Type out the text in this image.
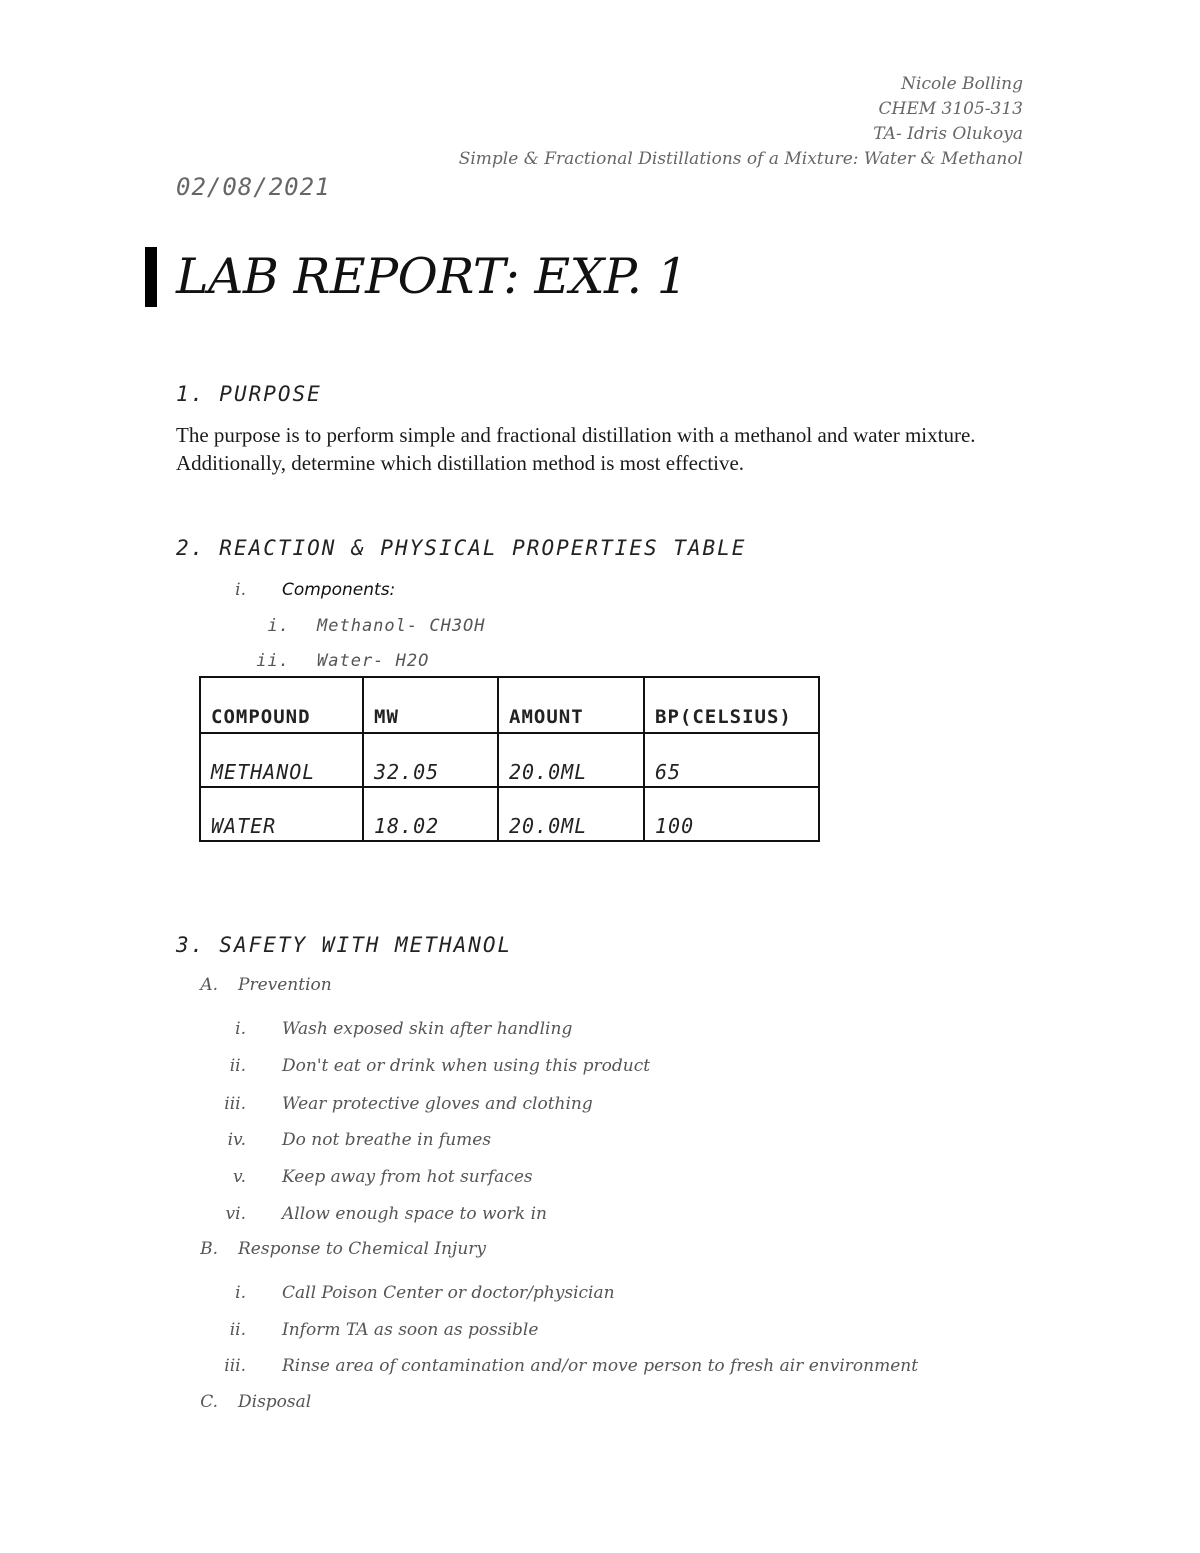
Nicole Bolling
CHEM 3105-313
TA- Idris Olukoya
Simple & Fractional Distillations of a Mixture: Water & Methanol
02/08/2021
LAB REPORT: EXP. 1
1. PURPOSE
The purpose is to perform simple and fractional distillation with a methanol and water mixture. Additionally, determine which distillation method is most effective.
2. REACTION & PHYSICAL PROPERTIES TABLE
i. Components:
i. Methanol- CH3OH
ii. Water- H2O
COMPOUND	MW	AMOUNT	BP(CELSIUS)
METHANOL	32.05	20.0ML	65
WATER	18.02	20.0ML	100
3. SAFETY WITH METHANOL
A. Prevention
i. Wash exposed skin after handling
ii. Don't eat or drink when using this product
iii. Wear protective gloves and clothing
iv. Do not breathe in fumes
v. Keep away from hot surfaces
vi. Allow enough space to work in
B. Response to Chemical Injury
i. Call Poison Center or doctor/physician
ii. Inform TA as soon as possible
iii. Rinse area of contamination and/or move person to fresh air environment
C. Disposal
